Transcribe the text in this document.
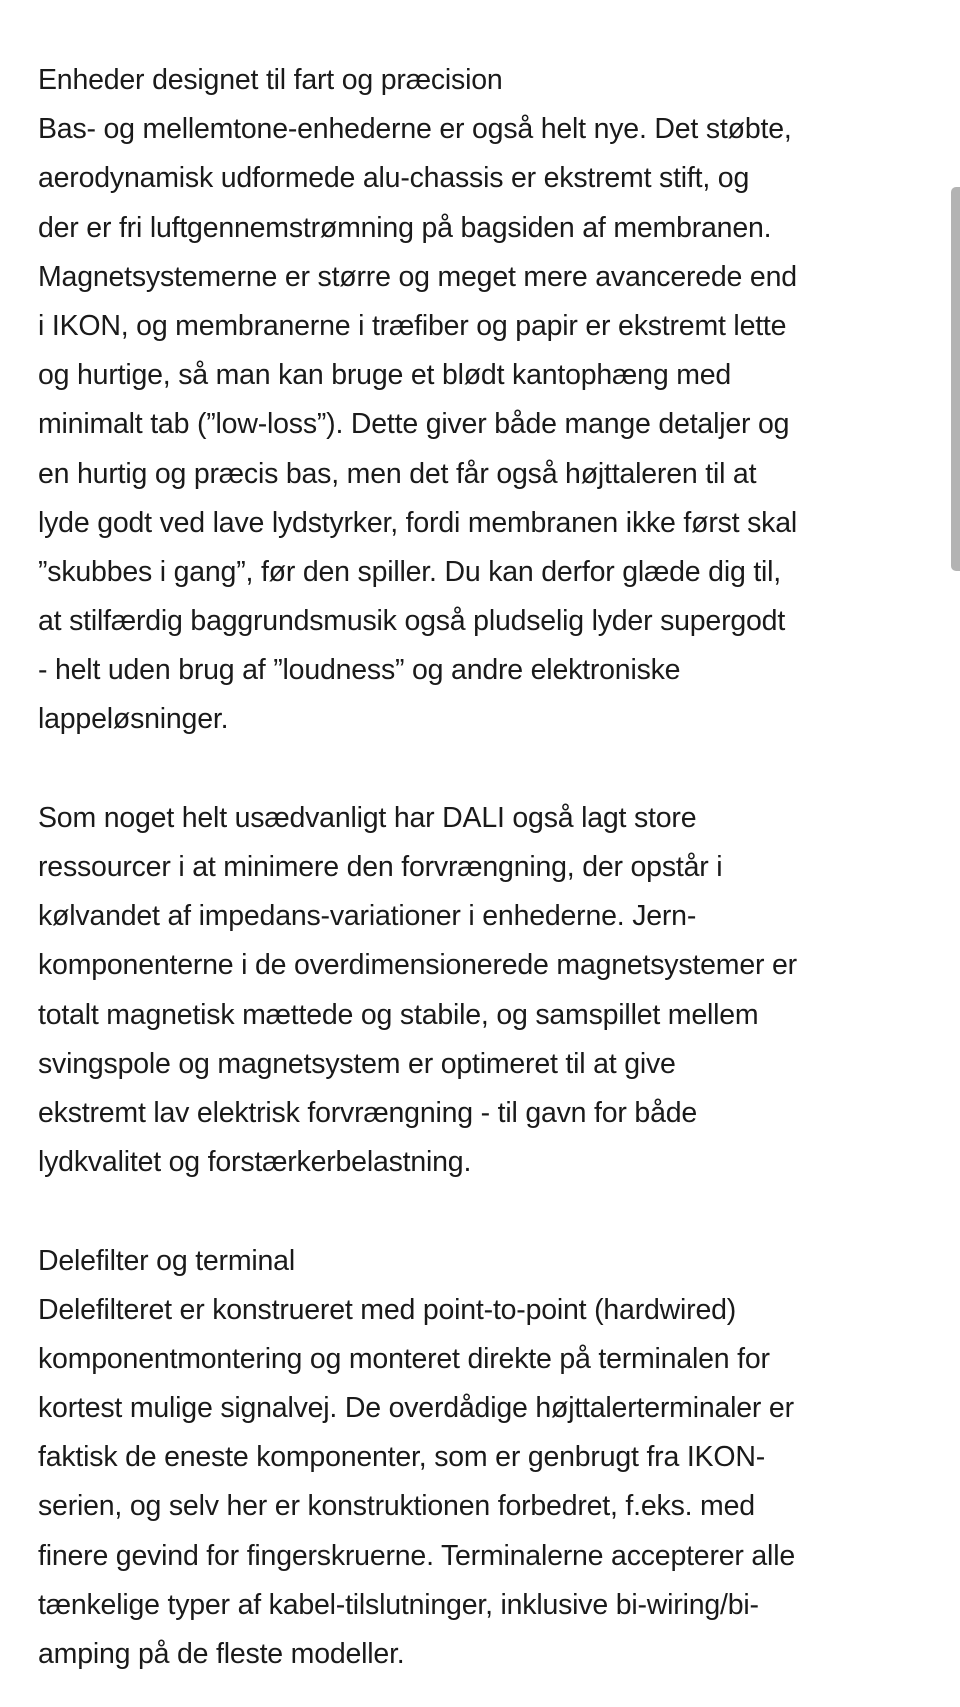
Enheder designet til fart og præcision
Bas- og mellemtone-enhederne er også helt nye. Det støbte,
aerodynamisk udformede alu-chassis er ekstremt stift, og
der er fri luftgennemstrømning på bagsiden af membranen.
Magnetsystemerne er større og meget mere avancerede end
i IKON, og membranerne i træfiber og papir er ekstremt lette
og hurtige, så man kan bruge et blødt kantophæng med
minimalt tab (”low-loss”). Dette giver både mange detaljer og
en hurtig og præcis bas, men det får også højttaleren til at
lyde godt ved lave lydstyrker, fordi membranen ikke først skal
”skubbes i gang”, før den spiller. Du kan derfor glæde dig til,
at stilfærdig baggrundsmusik også pludselig lyder supergodt
- helt uden brug af ”loudness” og andre elektroniske
lappeløsninger.
Som noget helt usædvanligt har DALI også lagt store
ressourcer i at minimere den forvrængning, der opstår i
kølvandet af impedans-variationer i enhederne. Jern-
komponenterne i de overdimensionerede magnetsystemer er
totalt magnetisk mættede og stabile, og samspillet mellem
svingspole og magnetsystem er optimeret til at give
ekstremt lav elektrisk forvrængning - til gavn for både
lydkvalitet og forstærkerbelastning.
Delefilter og terminal
Delefilteret er konstrueret med point-to-point (hardwired)
komponentmontering og monteret direkte på terminalen for
kortest mulige signalvej. De overdådige højttalerterminaler er
faktisk de eneste komponenter, som er genbrugt fra IKON-
serien, og selv her er konstruktionen forbedret, f.eks. med
finere gevind for fingerskruerne. Terminalerne accepterer alle
tænkelige typer af kabel-tilslutninger, inklusive bi-wiring/bi-
amping på de fleste modeller.
